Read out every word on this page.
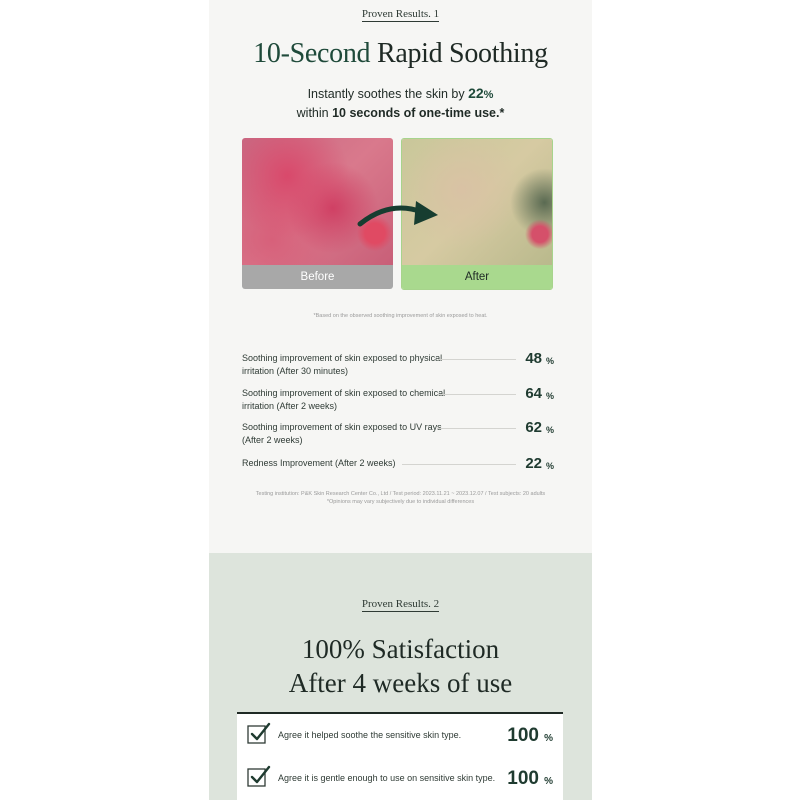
Proven Results. 1
10-Second Rapid Soothing
Instantly soothes the skin by 22%
within 10 seconds of one-time use.*
Before	After
*Based on the observed soothing improvement of skin exposed to heat.
Soothing improvement of skin exposed to physical irritation (After 30 minutes)
48 %
Soothing improvement of skin exposed to chemical irritation (After 2 weeks)
64 %
Soothing improvement of skin exposed to UV rays (After 2 weeks)
62 %
Redness Improvement (After 2 weeks)	22 %
Testing institution: P&K Skin Research Center Co., Ltd / Test period: 2023.11.21 ~ 2023.12.07 / Test subjects: 20 adults
*Opinions may vary subjectively due to individual differences
Proven Results. 2
100% Satisfaction
After 4 weeks of use
Agree it helped soothe the sensitive skin type. 100 %
Agree it is gentle enough to use on sensitive skin type. 100 %
